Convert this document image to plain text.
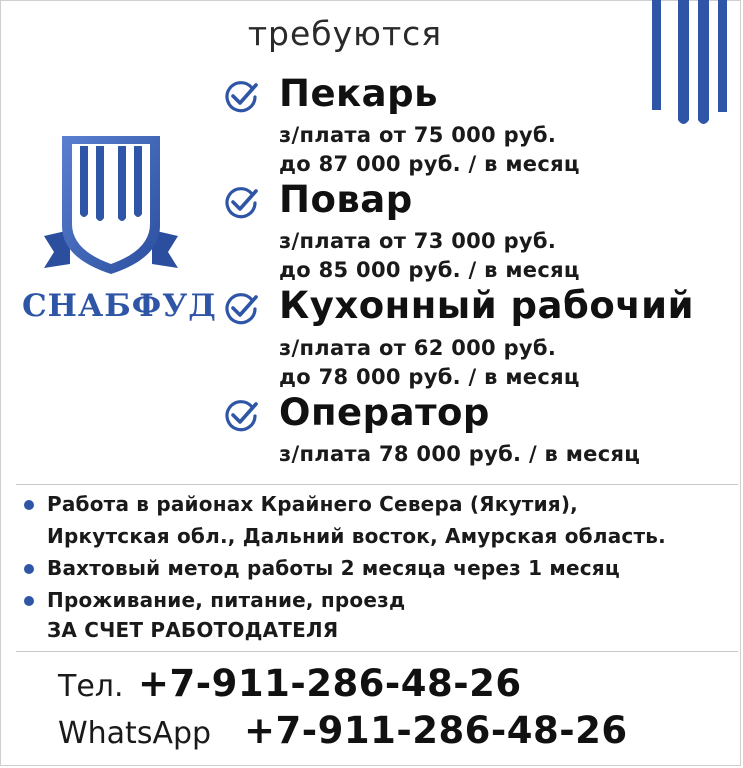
требуются
СНАБФУД
Пекарь
з/плата от 75 000 руб.
до 87 000 руб. / в месяц
Повар
з/плата от 73 000 руб.
до 85 000 руб. / в месяц
Кухонный рабочий
з/плата от 62 000 руб.
до 78 000 руб. / в месяц
Оператор
з/плата 78 000 руб. / в месяц
Работа в районах Крайнего Севера (Якутия),
Иркутская обл., Дальний восток, Амурская область.
Вахтовый метод работы 2 месяца через 1 месяц
Проживание, питание, проезд
ЗА СЧЕТ РАБОТОДАТЕЛЯ
Тел. +7-911-286-48-26
WhatsApp +7-911-286-48-26
